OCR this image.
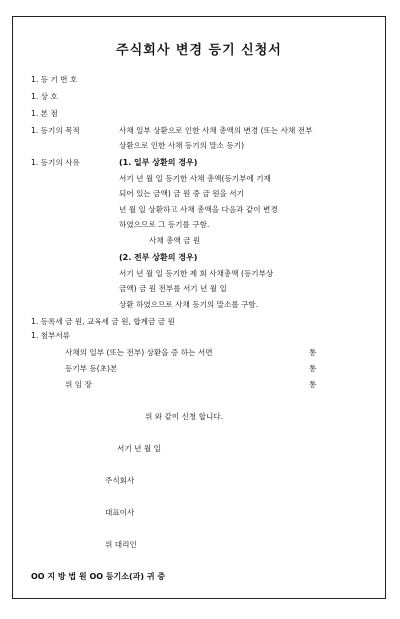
주식회사 변경 등기 신청서
1. 등 기 번 호
1. 상 호
1. 본 점
1. 등기의 목적	사채 일부 상환으로 인한 사채 총액의 변경 (또는 사채 전부
상환으로 인한 사채 등기의 말소 등기)
1. 등기의 사유	(1. 일부 상환의 경우)
서기 년 월 일 등기한 사채 총액(등기부에 기재
되어 있는 금액) 금 원 중 금 원을 서기
년 월 일 상환하고 사채 총액을 다음과 같이 변경
하였으므로 그 등기를 구함.
사채 총액 금 원
(2. 전부 상환의 경우)
서기 년 월 일 등기한 제 회 사채총액 (등기부상
금액) 금 원 전부를 서기 년 월 일
상환 하였으므로 사채 등기의 말소를 구함.
1. 등록세 금 원, 교육세 금 원, 합계금 금 원
1. 첨부서류
사채의 일부 (또는 전부) 상환을 증 하는 서면	통
등기부 등(초)본	통
위 임 장	통
위 와 같이 신청 합니다.
서기 년 월 일
주식회사
대표이사
위 대리인
OO 지 방 법 원 OO 등기소(과) 귀 중
